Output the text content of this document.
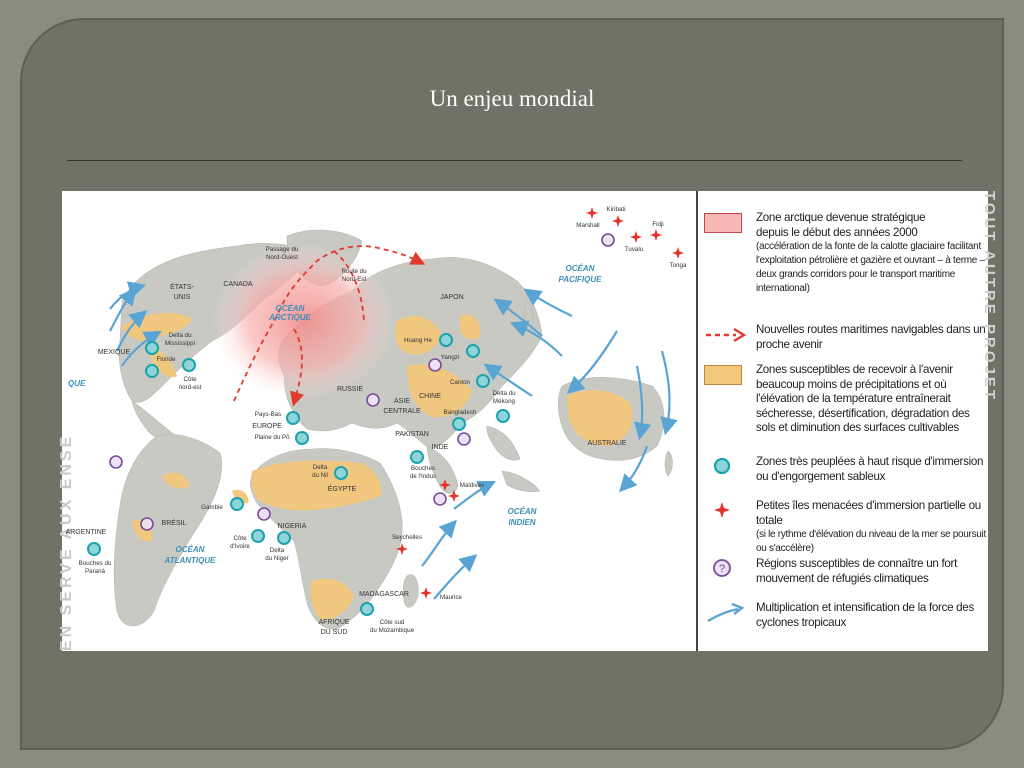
Un enjeu mondial
EN SERVE AUX ENSE
OCÉAN
ARCTIQUE
OCÉAN
PACIFIQUE
OCÉAN
INDIEN
OCÉAN
ATLANTIQUE
QUE
ÉTATS-
UNIS
CANADA
MEXIQUE
RUSSIE
JAPON
CHINE
ASIE
CENTRALE
PAKISTAN
INDE
AUSTRALIE
ÉGYPTE
NIGERIA
BRÉSIL
ARGENTINE
MADAGASCAR
AFRIQUE
DU SUD
EUROPE
Passage du
Nord-Ouest
Route du
Nord-Est
Delta du
Mississippi
Floride
Côte
nord-est
Pays-Bas
Plaine du Pô
Delta
du Nil
Huang He
Yangzi
Canton
Delta du
Mékong
Bangladesh
Bouches
de l'Indus
Maldives
Seychelles
Maurice
Gambie
Côte
d'Ivoire
Delta
du Niger
Bouches du
Paraná
Côte sud
du Mozambique
Kiribati
Marshall	Fidji
Tuvalu
Tonga
Zone arctique devenue stratégique
depuis le début des années 2000
(accélération de la fonte de la calotte glaciaire facilitant l'exploitation pétrolière et gazière et ouvrant – à terme – deux grands corridors pour le transport maritime international)
Nouvelles routes maritimes navigables dans un proche avenir
Zones susceptibles de recevoir à l'avenir beaucoup moins de précipitations et où l'élévation de la température entraînerait sécheresse, désertification, dégradation des sols et diminution des surfaces cultivables
Zones très peuplées à haut risque d'immersion ou d'engorgement sableux
Petites îles menacées d'immersion partielle ou totale
(si le rythme d'élévation du niveau de la mer se poursuit ou s'accélère)
?	Régions susceptibles de connaître un fort mouvement de réfugiés climatiques
Multiplication et intensification de la force des cyclones tropicaux
TOUT AUTRE PROJET
